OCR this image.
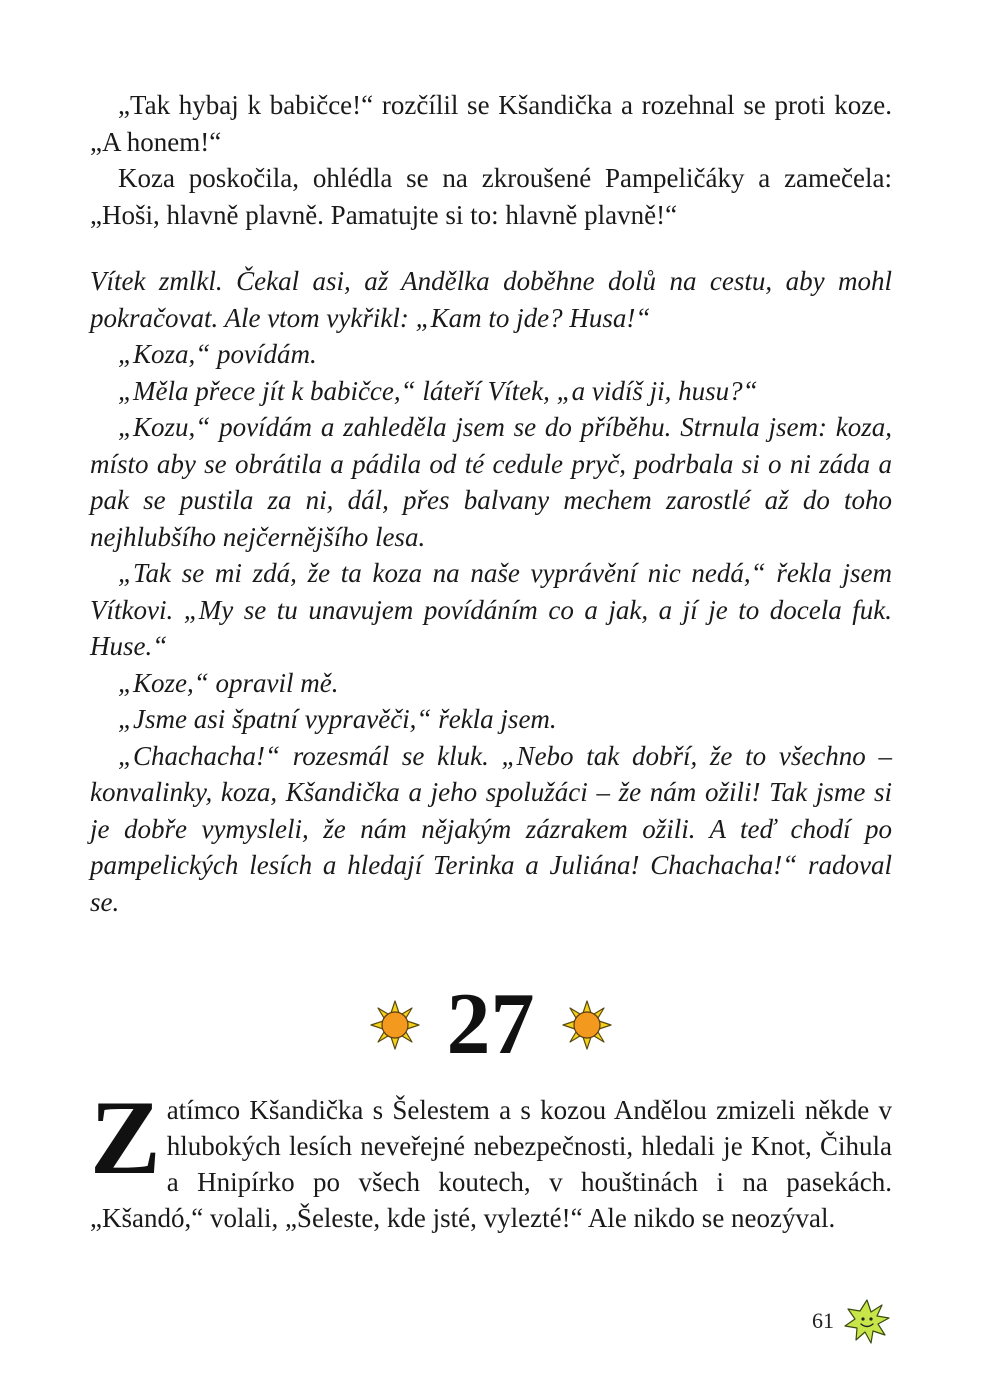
„Tak hybaj k babičce!“ rozčílil se Kšandička a rozehnal se proti koze. „A honem!“

Koza poskočila, ohlédla se na zkroušené Pampeličáky a zamečela: „Hoši, hlavně plavně. Pamatujte si to: hlavně plavně!“

Vítek zmlkl. Čekal asi, až Andělka doběhne dolů na cestu, aby mohl pokračovat. Ale vtom vykřikl: „Kam to jde? Husa!“

„Koza,“ povídám.

„Měla přece jít k babičce,“ láteří Vítek, „a vidíš ji, husu?“

„Kozu,“ povídám a zahleděla jsem se do příběhu. Strnula jsem: koza, místo aby se obrátila a pádila od té cedule pryč, podrbala si o ni záda a pak se pustila za ni, dál, přes balvany mechem zarostlé až do toho nejhlubšího nejčernějšího lesa.

„Tak se mi zdá, že ta koza na naše vyprávění nic nedá,“ řekla jsem Vítkovi. „My se tu unavujem povídáním co a jak, a jí je to docela fuk. Huse.“

„Koze,“ opravil mě.

„Jsme asi špatní vypravěči,“ řekla jsem.

„Chachacha!“ rozesmál se kluk. „Nebo tak dobří, že to všechno – konvalinky, koza, Kšandička a jeho spolužáci – že nám ožili! Tak jsme si je dobře vymysleli, že nám nějakým zázrakem ožili. A teď chodí po pampelických lesích a hledají Terinka a Juliána! Chachacha!“ radoval se.

27

Zatímco Kšandička s Šelestem a s kozou Andělou zmizeli někde v hlubokých lesích neveřejné nebezpečnosti, hledali je Knot, Čihula a Hnipírko po všech koutech, v houštinách i na pasekách. „Kšandó,“ volali, „Šeleste, kde jsté, vylezté!“ Ale nikdo se neozýval.

61
